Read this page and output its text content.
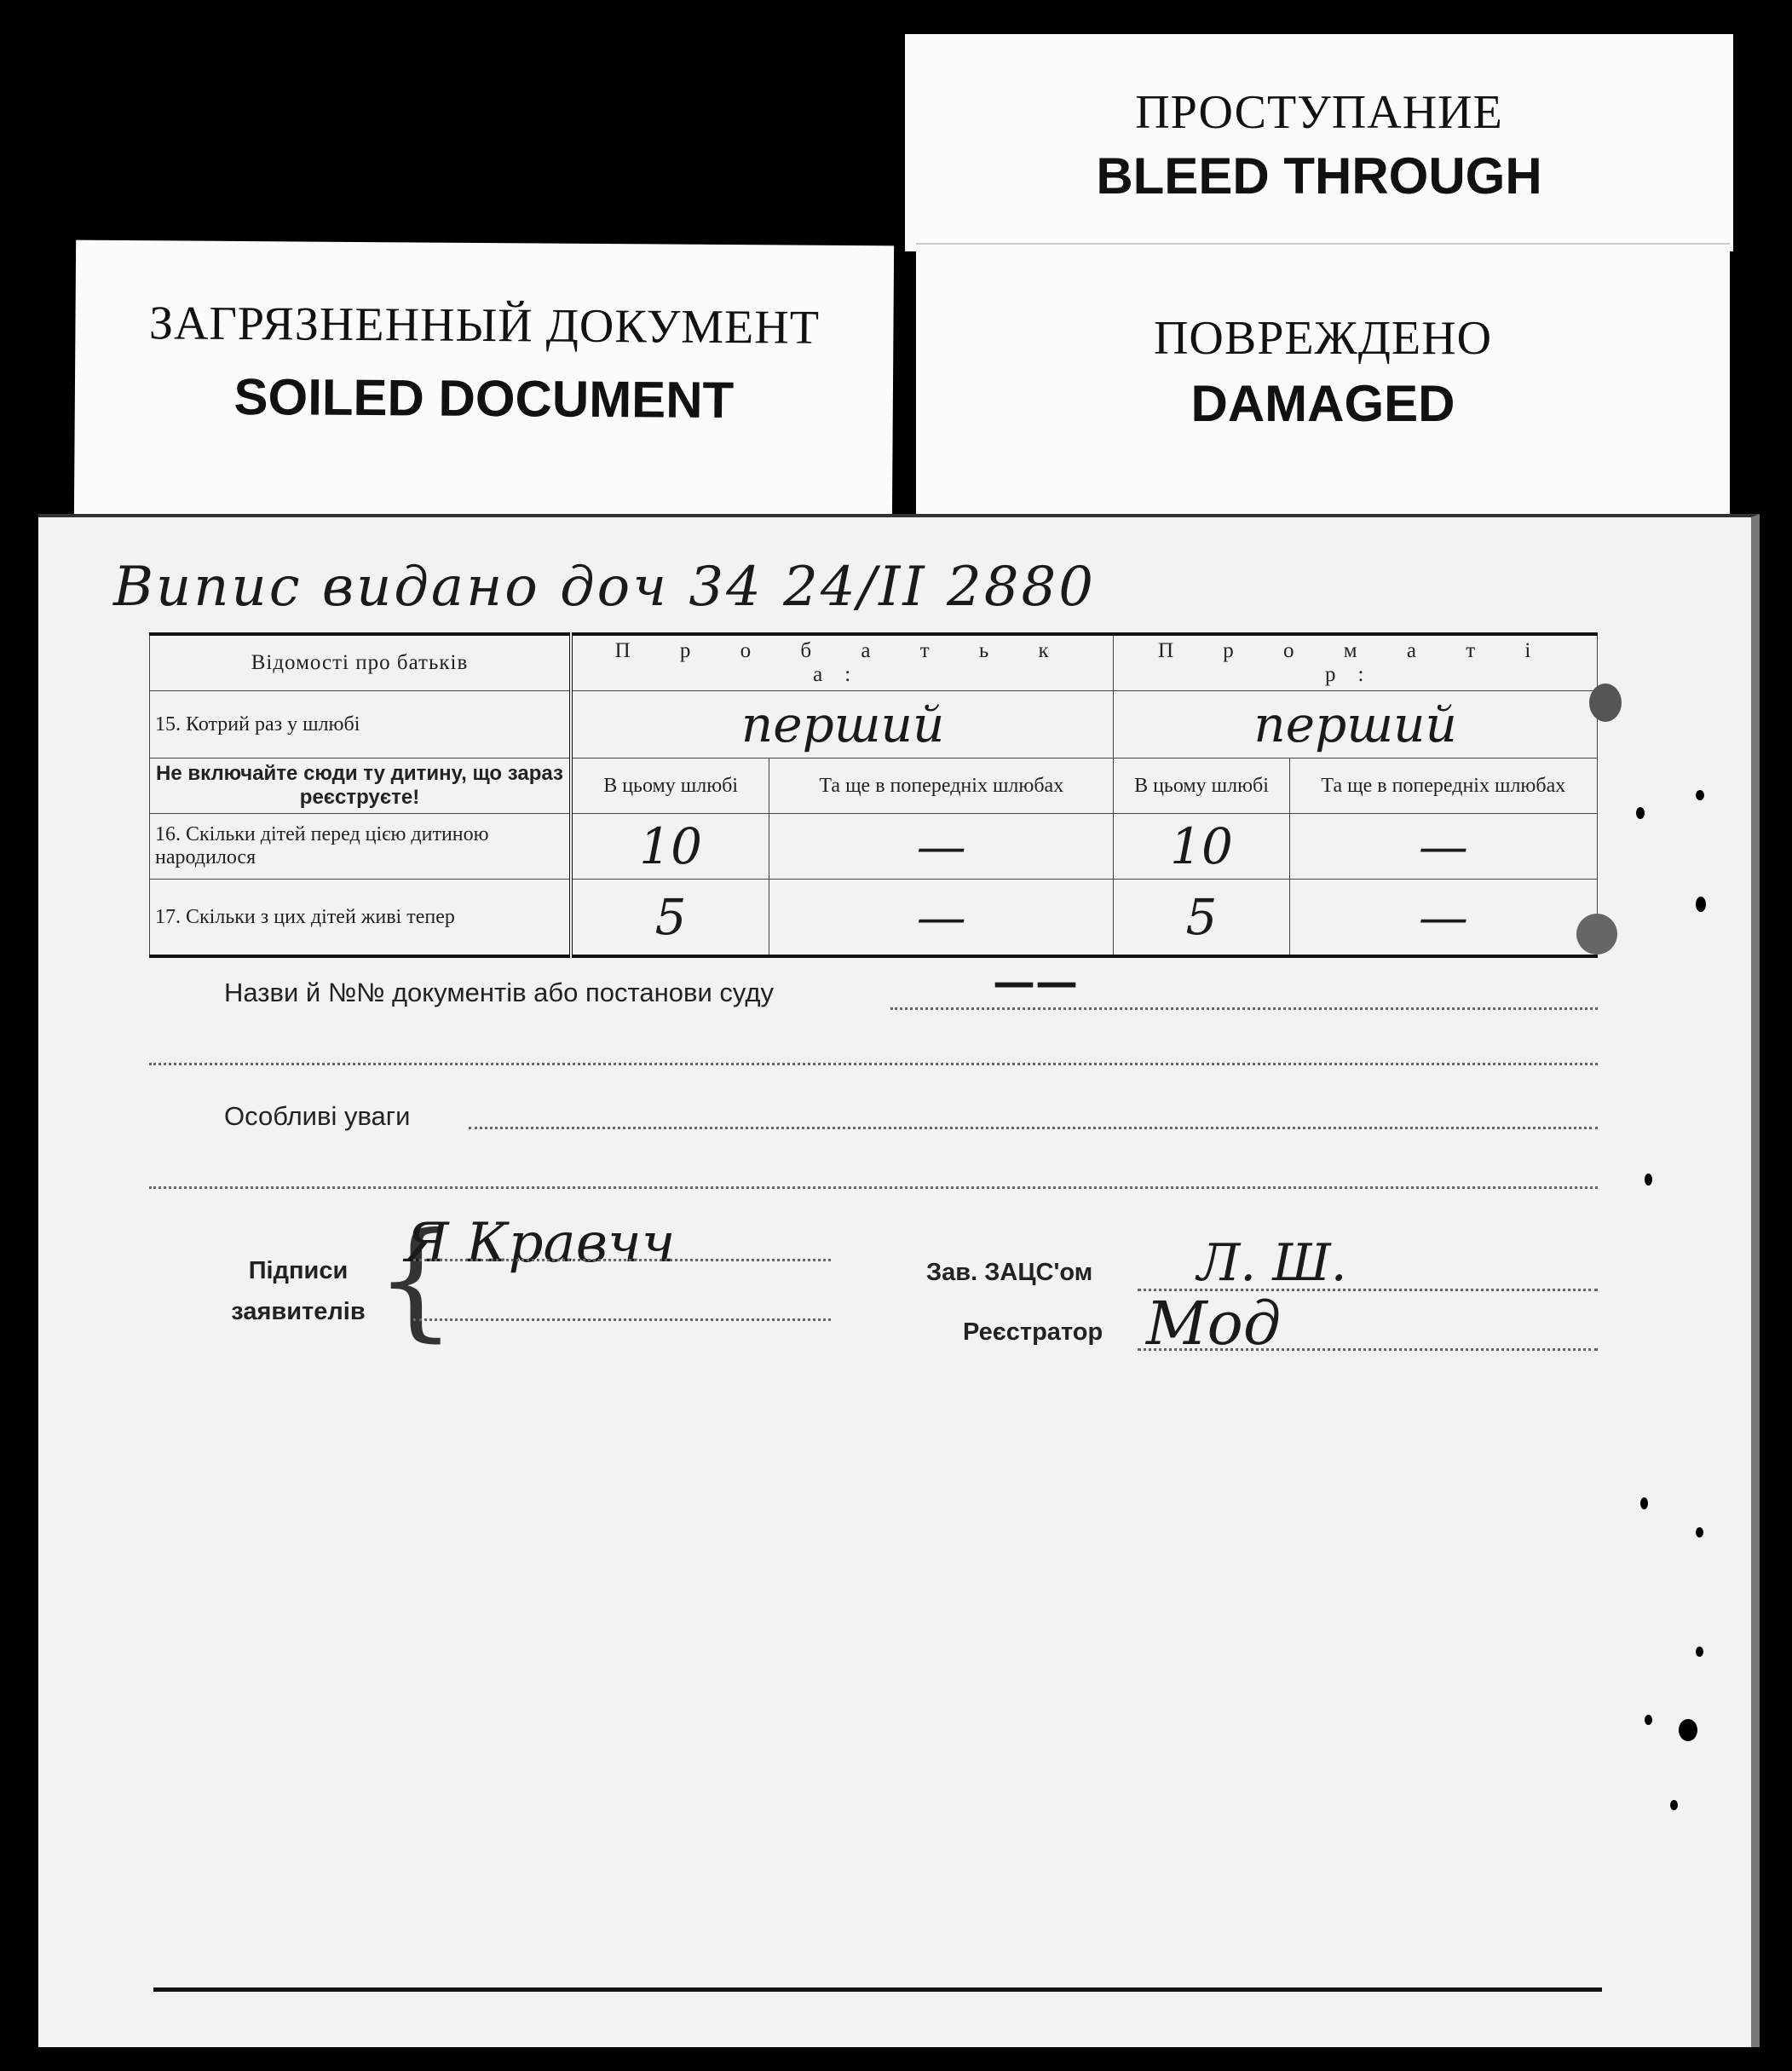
ЗАГРЯЗНЕННЫЙ ДОКУМЕНТ
SOILED DOCUMENT
ПРОСТУПАНИЕ
BLEED THROUGH
ПОВРЕЖДЕНО
DAMAGED
Випис видано доч 34 24/II 2880
Відомості про батьків	П р о б а т ь к а:		П р о м а т і р:	
15. Котрий раз у шлюбі	перший		перший	
Не включайте сюди ту дитину, що зараз реєструєте!	В цьому шлюбі	Та ще в попередніх шлюбах	В цьому шлюбі	Та ще в попередніх шлюбах
16. Скільки дітей перед цією дитиною народилося	10	—	10	—
17. Скільки з цих дітей живі тепер	5	—	5	—
Назви й №№ документів або постанови суду	——
Особливі уваги
Підписи заявителів {
Я Кравчч	Зав. ЗАЦС'ом Л. Ш.
Реєстратор Мод
